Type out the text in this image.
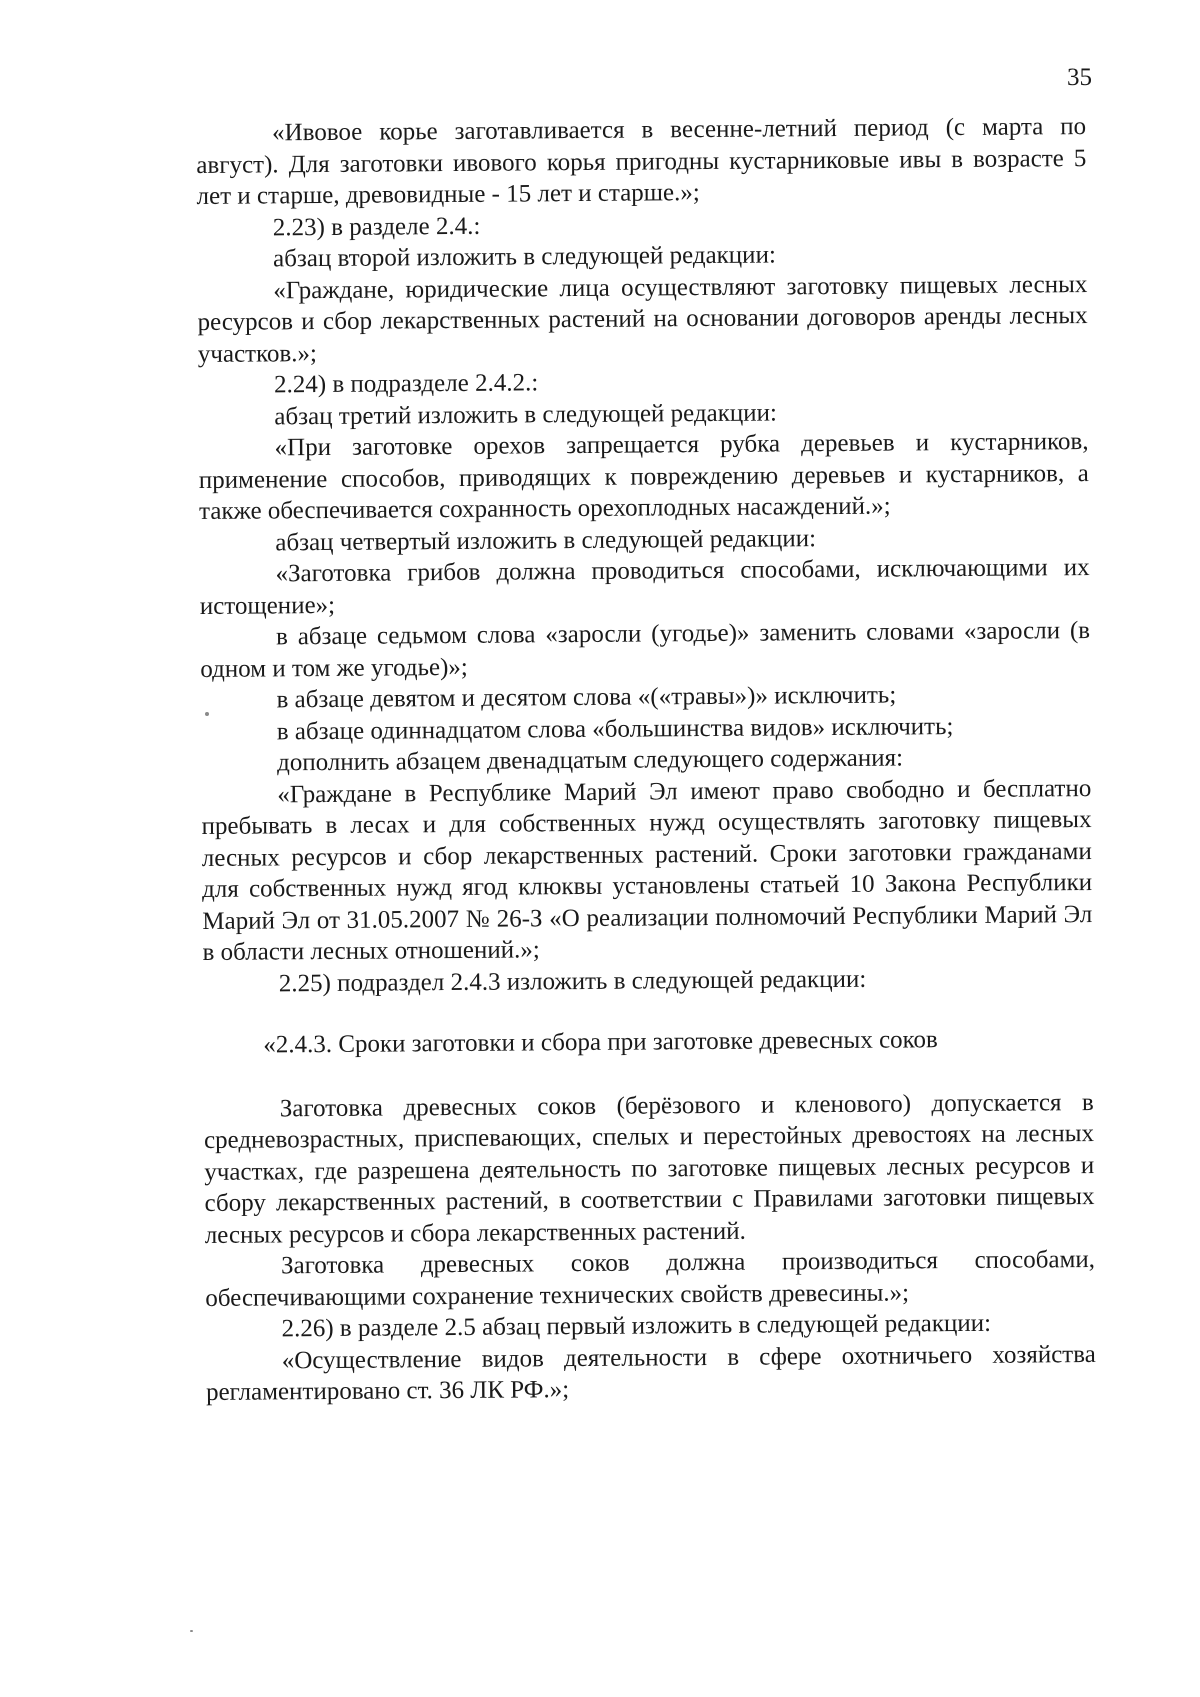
35

«Ивовое корье заготавливается в весенне-летний период (с марта по август). Для заготовки ивового корья пригодны кустарниковые ивы в возрасте 5 лет и старше, древовидные - 15 лет и старше.»;

2.23) в разделе 2.4.:

абзац второй изложить в следующей редакции:

«Граждане, юридические лица осуществляют заготовку пищевых лесных ресурсов и сбор лекарственных растений на основании договоров аренды лесных участков.»;

2.24) в подразделе 2.4.2.:

абзац третий изложить в следующей редакции:

«При заготовке орехов запрещается рубка деревьев и кустарников, применение способов, приводящих к повреждению деревьев и кустарников, а также обеспечивается сохранность орехоплодных насаждений.»;

абзац четвертый изложить в следующей редакции:

«Заготовка грибов должна проводиться способами, исключающими их истощение»;

в абзаце седьмом слова «заросли (угодье)» заменить словами «заросли (в одном и том же угодье)»;

в абзаце девятом и десятом слова «(«травы»)» исключить;

в абзаце одиннадцатом слова «большинства видов» исключить;

дополнить абзацем двенадцатым следующего содержания:

«Граждане в Республике Марий Эл имеют право свободно и бесплатно пребывать в лесах и для собственных нужд осуществлять заготовку пищевых лесных ресурсов и сбор лекарственных растений. Сроки заготовки гражданами для собственных нужд ягод клюквы установлены статьей 10 Закона Республики Марий Эл от 31.05.2007 № 26-З «О реализации полномочий Республики Марий Эл в области лесных отношений.»;

2.25) подраздел 2.4.3 изложить в следующей редакции:

«2.4.3. Сроки заготовки и сбора при заготовке древесных соков

Заготовка древесных соков (берёзового и кленового) допускается в средневозрастных, приспевающих, спелых и перестойных древостоях на лесных участках, где разрешена деятельность по заготовке пищевых лесных ресурсов и сбору лекарственных растений, в соответствии с Правилами заготовки пищевых лесных ресурсов и сбора лекарственных растений.

Заготовка древесных соков должна производиться способами, обеспечивающими сохранение технических свойств древесины.»;

2.26) в разделе 2.5 абзац первый изложить в следующей редакции:

«Осуществление видов деятельности в сфере охотничьего хозяйства регламентировано ст. 36 ЛК РФ.»;
